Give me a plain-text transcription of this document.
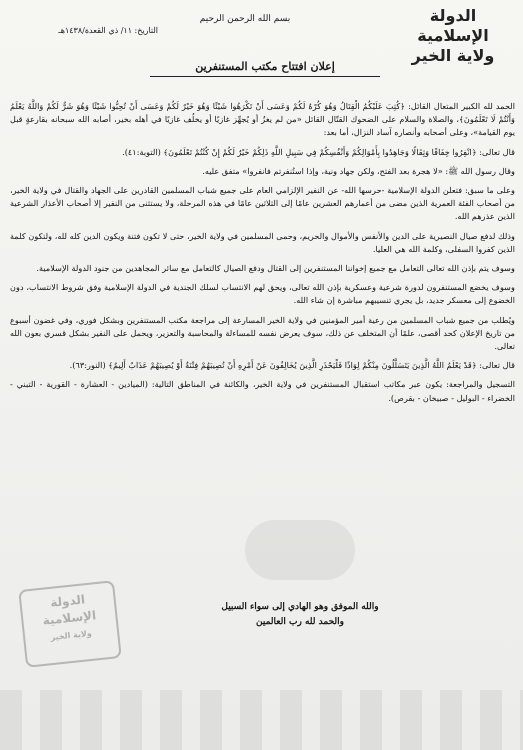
الدولة الإسلامية
ولاية الخير
بسم الله الرحمن الرحيم
التاريخ: ١١/ ذي القعدة/١٤٣٨هـ
إعلان افتتاح مكتب المستنفرين

الحمد لله الكبير المتعال القائل: ﴿كُتِبَ عَلَيْكُمُ الْقِتَالُ وَهُوَ كُرْهٌ لَكُمْ وَعَسَى أَنْ تَكْرَهُوا شَيْئًا وَهُوَ خَيْرٌ لَكُمْ وَعَسَى أَنْ تُحِبُّوا شَيْئًا وَهُوَ شَرٌّ لَكُمْ وَاللَّهُ يَعْلَمُ وَأَنْتُمْ لَا تَعْلَمُونَ﴾، والصلاة والسلام على الضحوك القتّال القائل «من لم يغزُ أو يُجهِّز غازيًا أو يخلُف غازيًا في أهله بخير، أصابه الله سبحانه بقارعةٍ قبل يوم القيامة»، وعلى أصحابه وأنصاره آساد النزال، أما بعد:

قال تعالى: ﴿انْفِرُوا خِفَافًا وَثِقَالًا وَجَاهِدُوا بِأَمْوَالِكُمْ وَأَنْفُسِكُمْ فِي سَبِيلِ اللَّهِ ذَلِكُمْ خَيْرٌ لَكُمْ إِنْ كُنْتُمْ تَعْلَمُونَ﴾ (التوبة:٤١).

وقال رسول الله ﷺ: «لا هجرة بعد الفتح، ولكن جهاد ونية، وإذا استُنفرتم فانفروا» متفق عليه.

وعلى ما سبق: فتعلن الدولة الإسلامية -حرسها الله- عن النفير الإلزامي العام على جميع شباب المسلمين القادرين على الجهاد والقتال في ولاية الخير، من أصحاب الفئة العمرية الذين مضى من أعمارهم العشرين عامًا إلى الثلاثين عامًا في هذه المرحلة، ولا يستثنى من النفير إلا أصحاب الأعذار الشرعية الذين عذرهم الله.

وذلك لدفع صيال النصيرية على الدين والأنفس والأموال والحريم، وحمى المسلمين في ولاية الخير، حتى لا تكون فتنة ويكون الدين كله لله، ولتكون كلمة الذين كفروا السفلى، وكلمة الله هي العليا.

وسوف يتم بإذن الله تعالى التعامل مع جميع إخواننا المستنفرين إلى القتال ودفع الصيال كالتعامل مع سائر المجاهدين من جنود الدولة الإسلامية.

وسوف يخضع المستنفرون لدورة شرعية وعسكرية بإذن الله تعالى، ويحق لهم الانتساب لسلك الجندية في الدولة الإسلامية وفق شروط الانتساب، دون الخضوع إلى معسكر جديد، بل يجري تنسيبهم مباشرة إن شاء الله.

ويُطلب من جميع شباب المسلمين من رعية أمير المؤمنين في ولاية الخير المسارعة إلى مراجعة مكتب المستنفرين وبشكل فوري، وفي غضون أسبوع من تاريخ الإعلان كحد أقصى، علمًا أن المتخلف عن ذلك، سوف يعرض نفسه للمساءلة والمحاسبة والتعزير، ويحمل على النفير بشكل قسري بعون الله تعالى.

قال تعالى: ﴿قَدْ يَعْلَمُ اللَّهُ الَّذِينَ يَتَسَلَّلُونَ مِنْكُمْ لِوَاذًا فَلْيَحْذَرِ الَّذِينَ يُخَالِفُونَ عَنْ أَمْرِهِ أَنْ تُصِيبَهُمْ فِتْنَةٌ أَوْ يُصِيبَهُمْ عَذَابٌ أَلِيمٌ﴾ (النور:٦٣).

التسجيل والمراجعة: يكون عبر مكاتب استقبال المستنفرين في ولاية الخير، والكائنة في المناطق التالية: (الميادين - العشارة - القورية - التبني - الخضراء - البوليل - صبيخان - بقرص).

الدولة
الإسلامية
ولاية الخير
والله الموفق وهو الهادي إلى سواء السبيل
والحمد لله رب العالمين
